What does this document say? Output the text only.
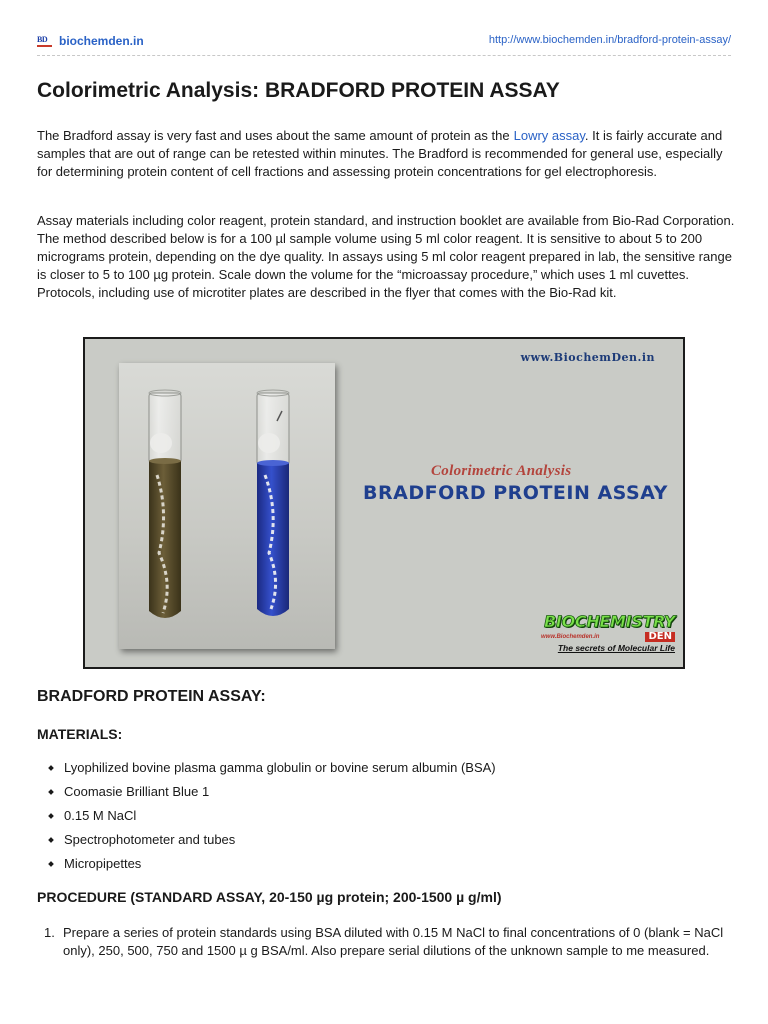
BD biochemden.in	http://www.biochemden.in/bradford-protein-assay/
Colorimetric Analysis: BRADFORD PROTEIN ASSAY

The Bradford assay is very fast and uses about the same amount of protein as the Lowry assay. It is fairly accurate and samples that are out of range can be retested within minutes. The Bradford is recommended for general use, especially for determining protein content of cell fractions and assessing protein concentrations for gel electrophoresis.

Assay materials including color reagent, protein standard, and instruction booklet are available from Bio-Rad Corporation. The method described below is for a 100 µl sample volume using 5 ml color reagent. It is sensitive to about 5 to 200 micrograms protein, depending on the dye quality. In assays using 5 ml color reagent prepared in lab, the sensitive range is closer to 5 to 100 µg protein. Scale down the volume for the “microassay procedure,” which uses 1 ml cuvettes. Protocols, including use of microtiter plates are described in the flyer that comes with the Bio-Rad kit.

www.BiochemDen.in
Colorimetric Analysis
BRADFORD PROTEIN ASSAY
BIOCHEMISTRY
www.Biochemden.in	DEN
The secrets of Molecular Life
BRADFORD PROTEIN ASSAY:
MATERIALS:
Lyophilized bovine plasma gamma globulin or bovine serum albumin (BSA)
Coomasie Brilliant Blue 1
0.15 M NaCl
Spectrophotometer and tubes
Micropipettes
PROCEDURE (STANDARD ASSAY, 20-150 µg protein; 200-1500 µ g/ml)
1. Prepare a series of protein standards using BSA diluted with 0.15 M NaCl to final concentrations of 0 (blank = NaCl only), 250, 500, 750 and 1500 µ g BSA/ml. Also prepare serial dilutions of the unknown sample to me measured.
